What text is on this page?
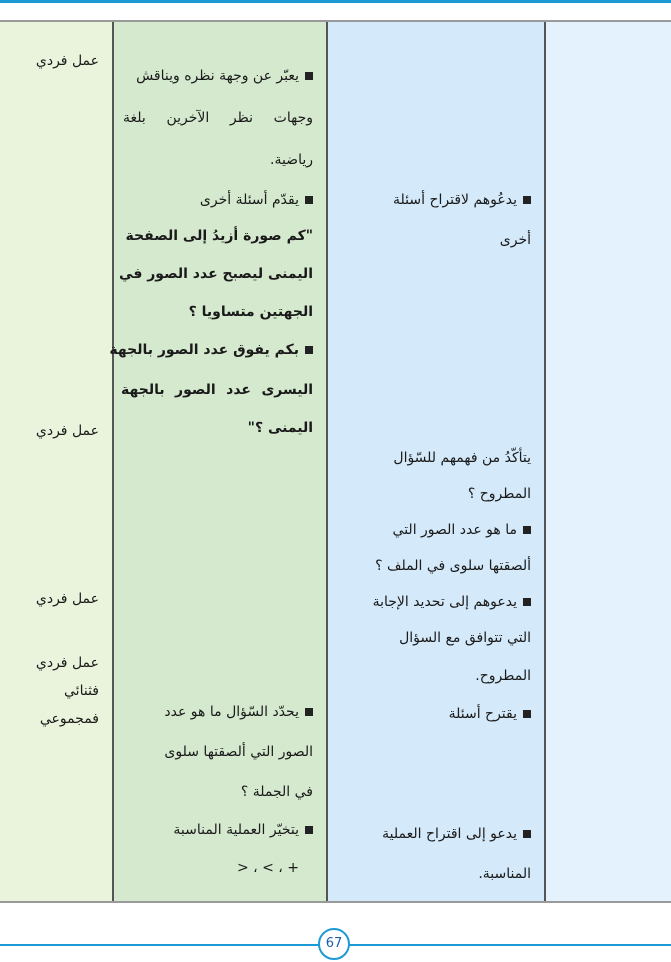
عمل فردي
عمل فردي
عمل فردي
عمل فردي
فثنائي
فمجموعي
يعبّر عن وجهة نظره ويناقش
وجهات نظر الآخرين بلغة
رياضية.
يقدّم أسئلة أخرى
"كم صورة أزيدُ إلى الصفحة
اليمنى ليصبح عدد الصور في
الجهتين متساويا ؟
بكم يفوق عدد الصور بالجهة
اليسرى عدد الصور بالجهة
اليمنى ؟"
يحدّد السّؤال ما هو عدد
الصور التي ألصقتها سلوى
في الجملة ؟
يتخيّر العملية المناسبة
+ ، > ، <
يدعُوهم لاقتراح أسئلة
أخرى
يتأكّدُ من فهمهم للسّؤال
المطروح ؟
ما هو عدد الصور التي
ألصقتها سلوى في الملف ؟
يدعوهم إلى تحديد الإجابة
التي تتوافق مع السؤال
المطروح.
يقترح أسئلة
يدعو إلى اقتراح العملية
المناسبة.
67
